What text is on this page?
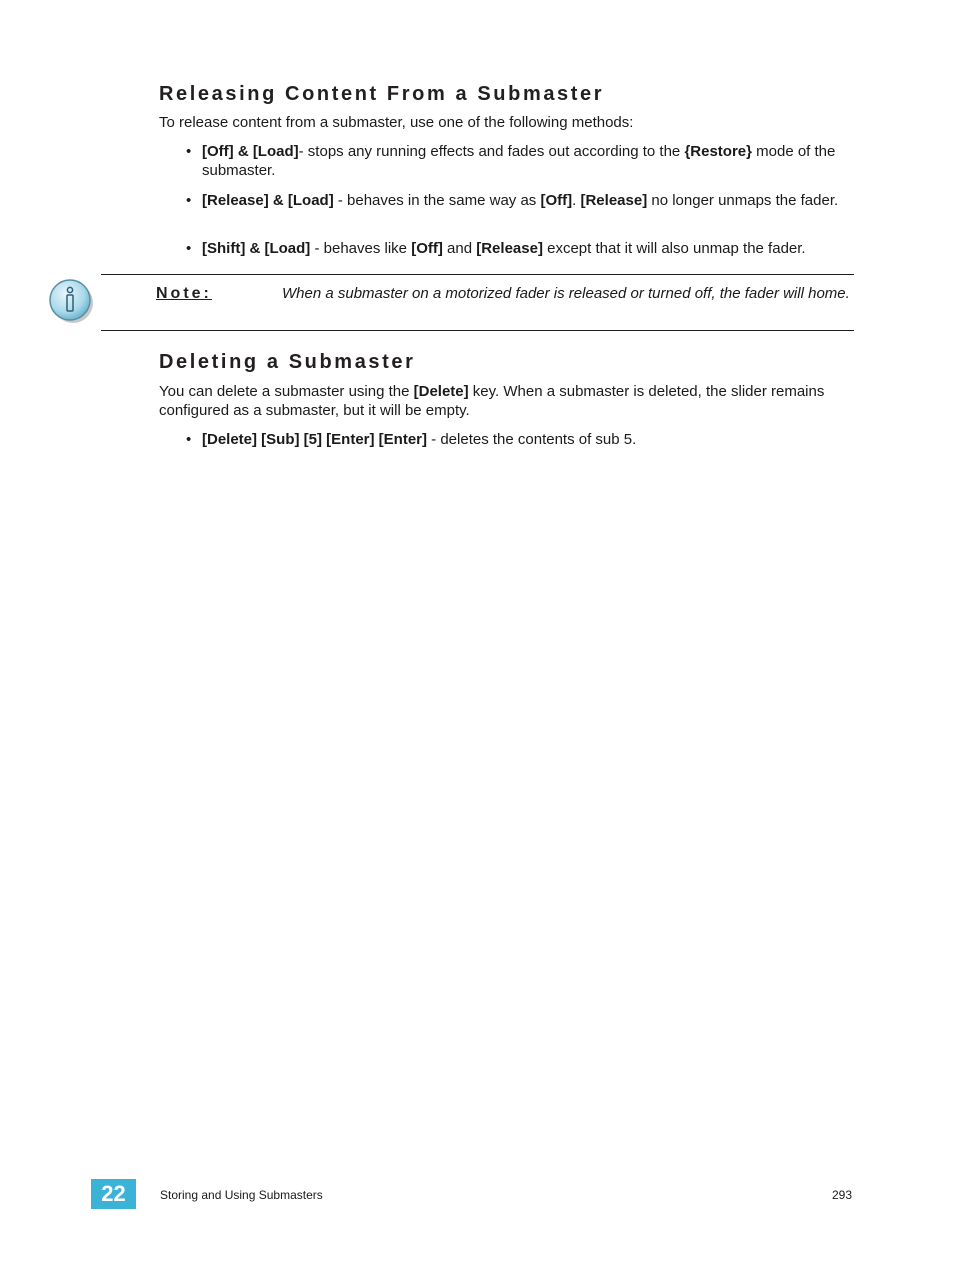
Releasing Content From a Submaster

To release content from a submaster, use one of the following methods:

• [Off] & [Load]- stops any running effects and fades out according to the {Restore} mode of the submaster.

• [Release] & [Load] - behaves in the same way as [Off]. [Release] no longer unmaps the fader.

• [Shift] & [Load] - behaves like [Off] and [Release] except that it will also unmap the fader.

Note:	When a submaster on a motorized fader is released or turned off, the fader will home.
Deleting a Submaster

You can delete a submaster using the [Delete] key. When a submaster is deleted, the slider remains configured as a submaster, but it will be empty.

• [Delete] [Sub] [5] [Enter] [Enter] - deletes the contents of sub 5.

22	Storing and Using Submasters	293
